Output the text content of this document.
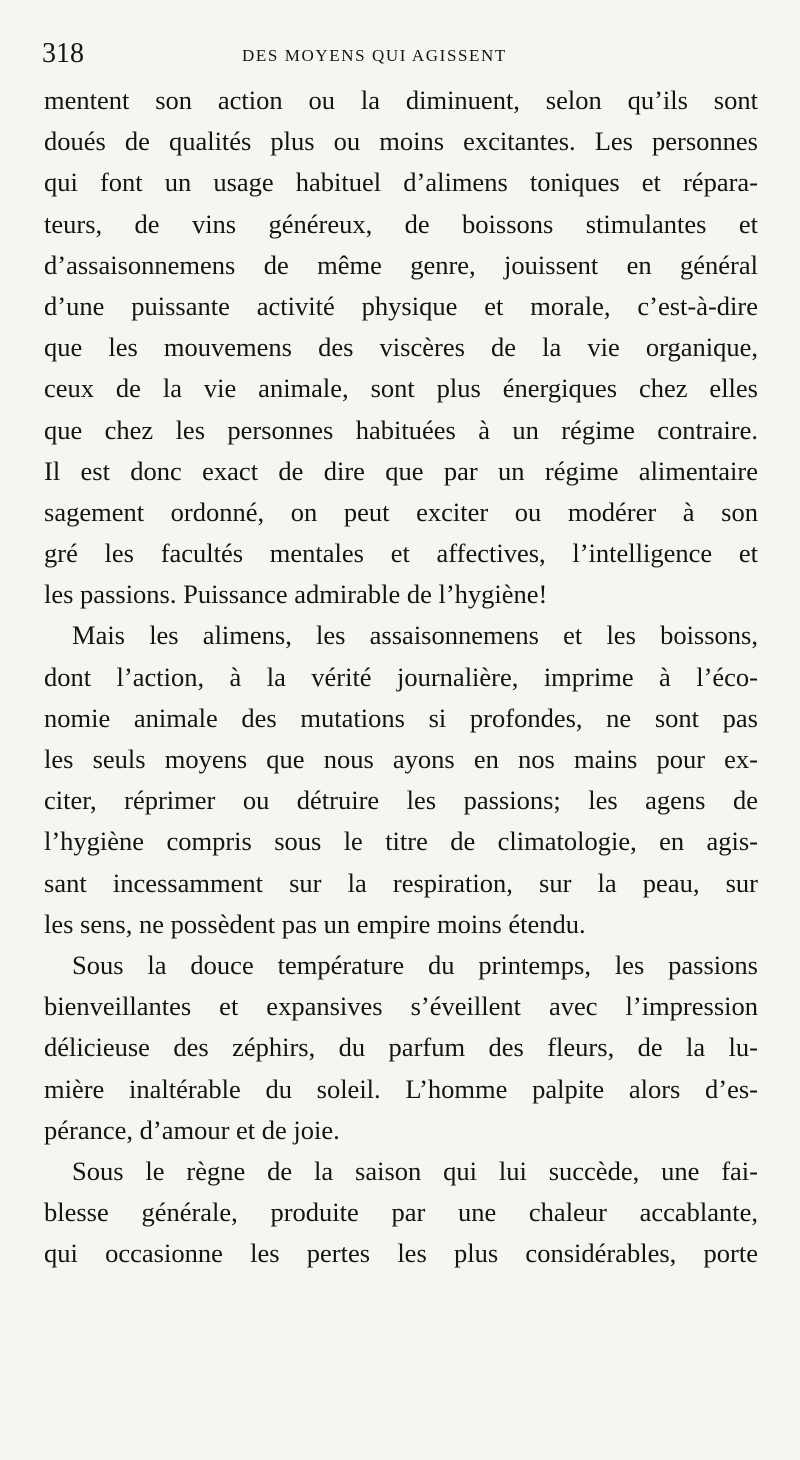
318	DES MOYENS QUI AGISSENT
mentent son action ou la diminuent, selon qu’ils sont
doués de qualités plus ou moins excitantes. Les personnes
qui font un usage habituel d’alimens toniques et répara-
teurs, de vins généreux, de boissons stimulantes et
d’assaisonnemens de même genre, jouissent en général
d’une puissante activité physique et morale, c’est-à-dire
que les mouvemens des viscères de la vie organique,
ceux de la vie animale, sont plus énergiques chez elles
que chez les personnes habituées à un régime contraire.
Il est donc exact de dire que par un régime alimentaire
sagement ordonné, on peut exciter ou modérer à son
gré les facultés mentales et affectives, l’intelligence et
les passions. Puissance admirable de l’hygiène!
Mais les alimens, les assaisonnemens et les boissons,
dont l’action, à la vérité journalière, imprime à l’éco-
nomie animale des mutations si profondes, ne sont pas
les seuls moyens que nous ayons en nos mains pour ex-
citer, réprimer ou détruire les passions; les agens de
l’hygiène compris sous le titre de climatologie, en agis-
sant incessamment sur la respiration, sur la peau, sur
les sens, ne possèdent pas un empire moins étendu.
Sous la douce température du printemps, les passions
bienveillantes et expansives s’éveillent avec l’impression
délicieuse des zéphirs, du parfum des fleurs, de la lu-
mière inaltérable du soleil. L’homme palpite alors d’es-
pérance, d’amour et de joie.
Sous le règne de la saison qui lui succède, une fai-
blesse générale, produite par une chaleur accablante,
qui occasionne les pertes les plus considérables, porte
